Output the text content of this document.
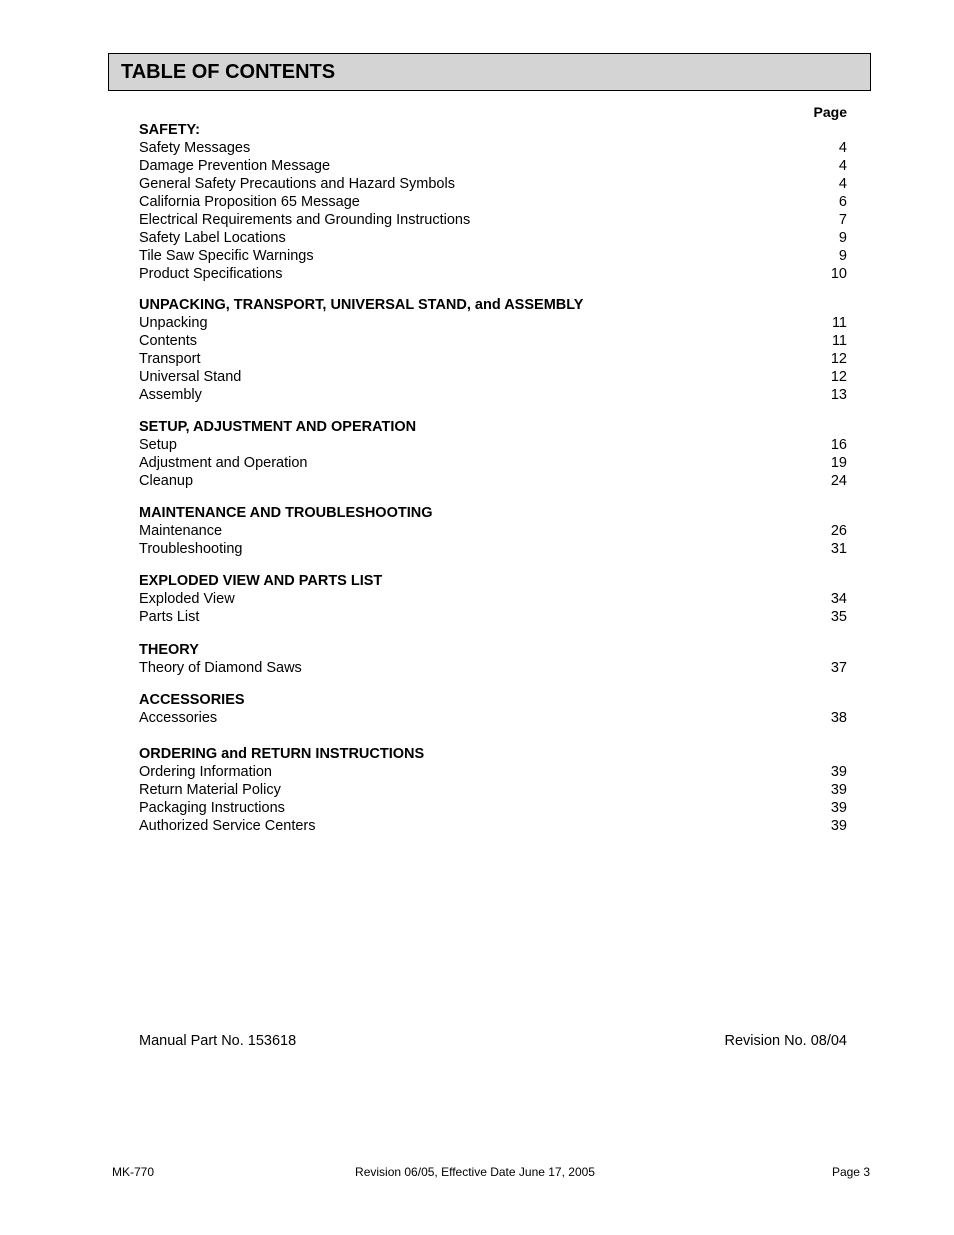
TABLE OF CONTENTS
Page
SAFETY:
Safety Messages	4
Damage Prevention Message	4
General Safety Precautions and Hazard Symbols	4
California Proposition 65 Message	6
Electrical Requirements and Grounding Instructions	7
Safety Label Locations	9
Tile Saw Specific Warnings	9
Product Specifications	10
UNPACKING, TRANSPORT, UNIVERSAL STAND, and ASSEMBLY
Unpacking	11
Contents	11
Transport	12
Universal Stand	12
Assembly	13
SETUP, ADJUSTMENT AND OPERATION
Setup	16
Adjustment and Operation	19
Cleanup	24
MAINTENANCE AND TROUBLESHOOTING
Maintenance	26
Troubleshooting	31
EXPLODED VIEW AND PARTS LIST
Exploded View	34
Parts List	35
THEORY
Theory of Diamond Saws	37
ACCESSORIES
Accessories	38
ORDERING and RETURN INSTRUCTIONS
Ordering Information	39
Return Material Policy	39
Packaging Instructions	39
Authorized Service Centers	39
Manual Part No. 153618	Revision No. 08/04
MK-770	Revision 06/05, Effective Date June 17, 2005	Page 3
